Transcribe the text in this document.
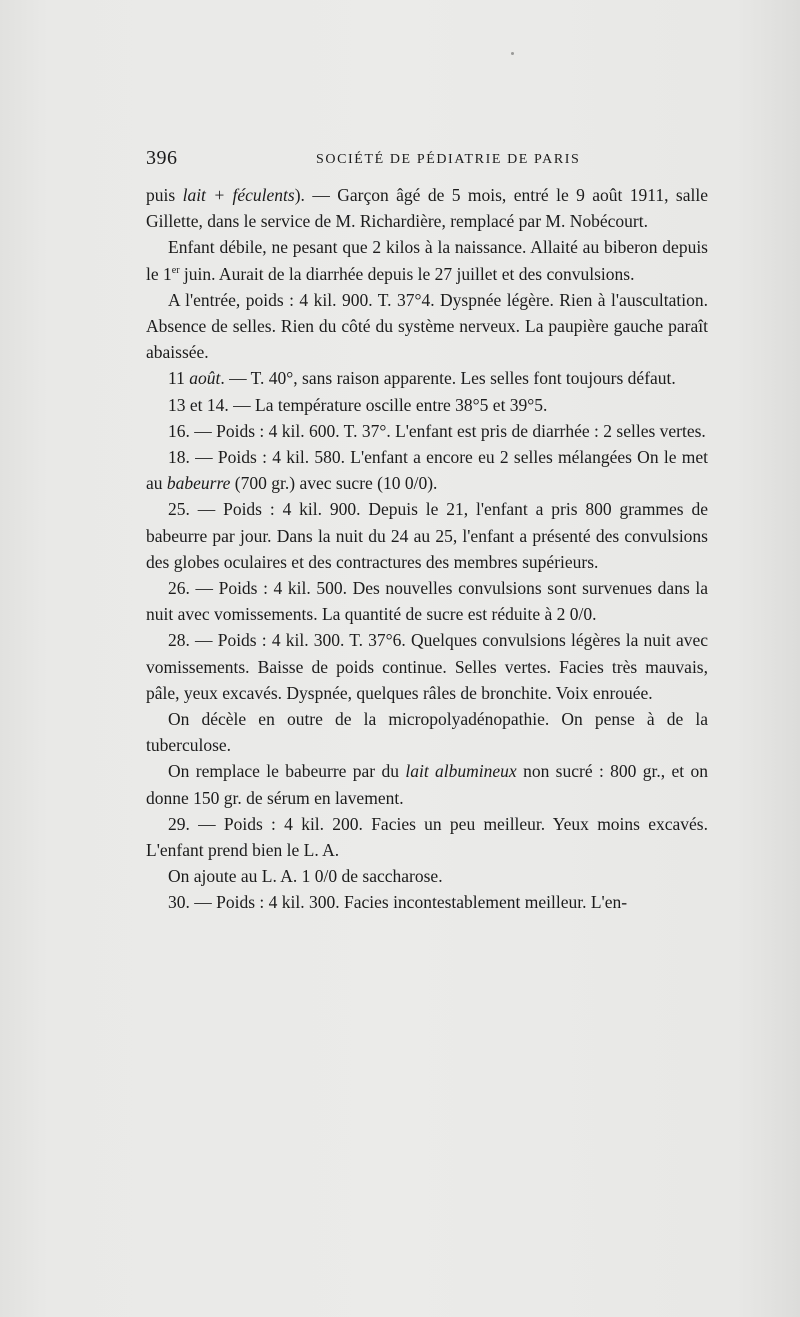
396	SOCIÉTÉ DE PÉDIATRIE DE PARIS

puis lait + féculents). — Garçon âgé de 5 mois, entré le 9 août 1911, salle Gillette, dans le service de M. Richardière, remplacé par M. Nobécourt.

Enfant débile, ne pesant que 2 kilos à la naissance. Allaité au biberon depuis le 1er juin. Aurait de la diarrhée depuis le 27 juillet et des convulsions.

A l'entrée, poids : 4 kil. 900. T. 37°4. Dyspnée légère. Rien à l'auscultation. Absence de selles. Rien du côté du système nerveux. La paupière gauche paraît abaissée.

11 août. — T. 40°, sans raison apparente. Les selles font toujours défaut.

13 et 14. — La température oscille entre 38°5 et 39°5.

16. — Poids : 4 kil. 600. T. 37°. L'enfant est pris de diarrhée : 2 selles vertes.

18. — Poids : 4 kil. 580. L'enfant a encore eu 2 selles mélangées On le met au babeurre (700 gr.) avec sucre (10 0/0).

25. — Poids : 4 kil. 900. Depuis le 21, l'enfant a pris 800 grammes de babeurre par jour. Dans la nuit du 24 au 25, l'enfant a présenté des convulsions des globes oculaires et des contractures des membres supérieurs.

26. — Poids : 4 kil. 500. Des nouvelles convulsions sont survenues dans la nuit avec vomissements. La quantité de sucre est réduite à 2 0/0.

28. — Poids : 4 kil. 300. T. 37°6. Quelques convulsions légères la nuit avec vomissements. Baisse de poids continue. Selles vertes. Facies très mauvais, pâle, yeux excavés. Dyspnée, quelques râles de bronchite. Voix enrouée.

On décèle en outre de la micropolyadénopathie. On pense à de la tuberculose.

On remplace le babeurre par du lait albumineux non sucré : 800 gr., et on donne 150 gr. de sérum en lavement.

29. — Poids : 4 kil. 200. Facies un peu meilleur. Yeux moins excavés. L'enfant prend bien le L. A.

On ajoute au L. A. 1 0/0 de saccharose.

30. — Poids : 4 kil. 300. Facies incontestablement meilleur. L'en-
